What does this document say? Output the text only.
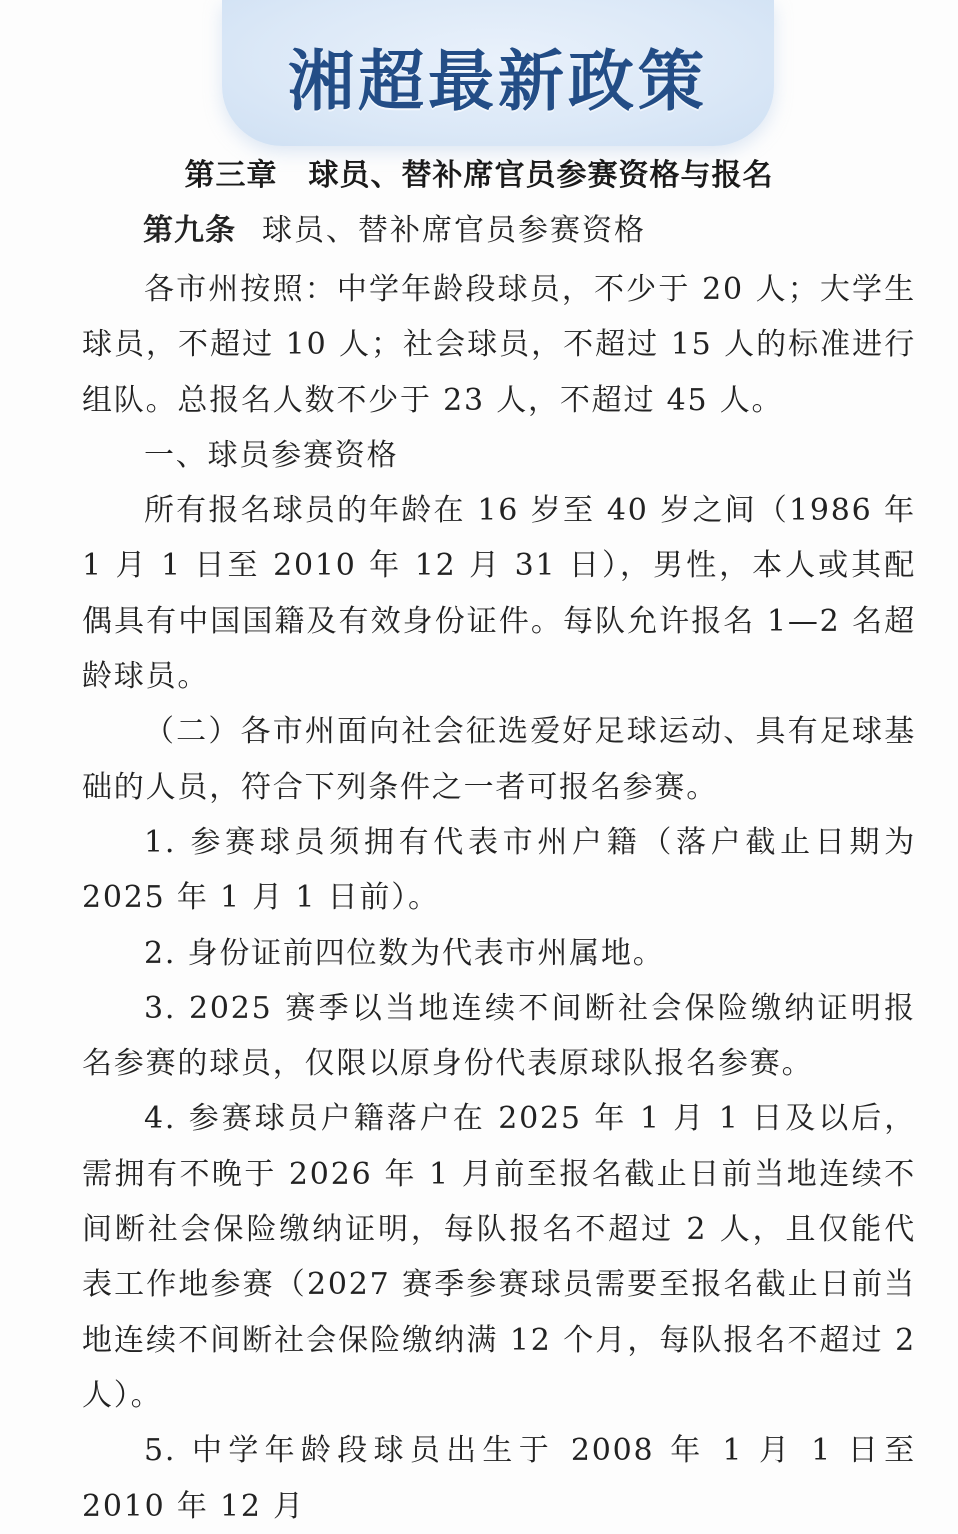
湘超最新政策
第三章　球员、替补席官员参赛资格与报名
第九条 球员、替补席官员参赛资格

各市州按照：中学年龄段球员，不少于 20 人；大学生球员，不超过 10 人；社会球员，不超过 15 人的标准进行组队。总报名人数不少于 23 人，不超过 45 人。

一、球员参赛资格

所有报名球员的年龄在 16 岁至 40 岁之间（1986 年 1 月 1 日至 2010 年 12 月 31 日），男性，本人或其配偶具有中国国籍及有效身份证件。每队允许报名 1—2 名超龄球员。

（二）各市州面向社会征选爱好足球运动、具有足球基础的人员，符合下列条件之一者可报名参赛。

1. 参赛球员须拥有代表市州户籍（落户截止日期为 2025 年 1 月 1 日前）。

2. 身份证前四位数为代表市州属地。

3. 2025 赛季以当地连续不间断社会保险缴纳证明报名参赛的球员，仅限以原身份代表原球队报名参赛。

4. 参赛球员户籍落户在 2025 年 1 月 1 日及以后，需拥有不晚于 2026 年 1 月前至报名截止日前当地连续不间断社会保险缴纳证明，每队报名不超过 2 人，且仅能代表工作地参赛（2027 赛季参赛球员需要至报名截止日前当地连续不间断社会保险缴纳满 12 个月，每队报名不超过 2 人）。

5. 中学年龄段球员出生于 2008 年 1 月 1 日至 2010 年 12 月
